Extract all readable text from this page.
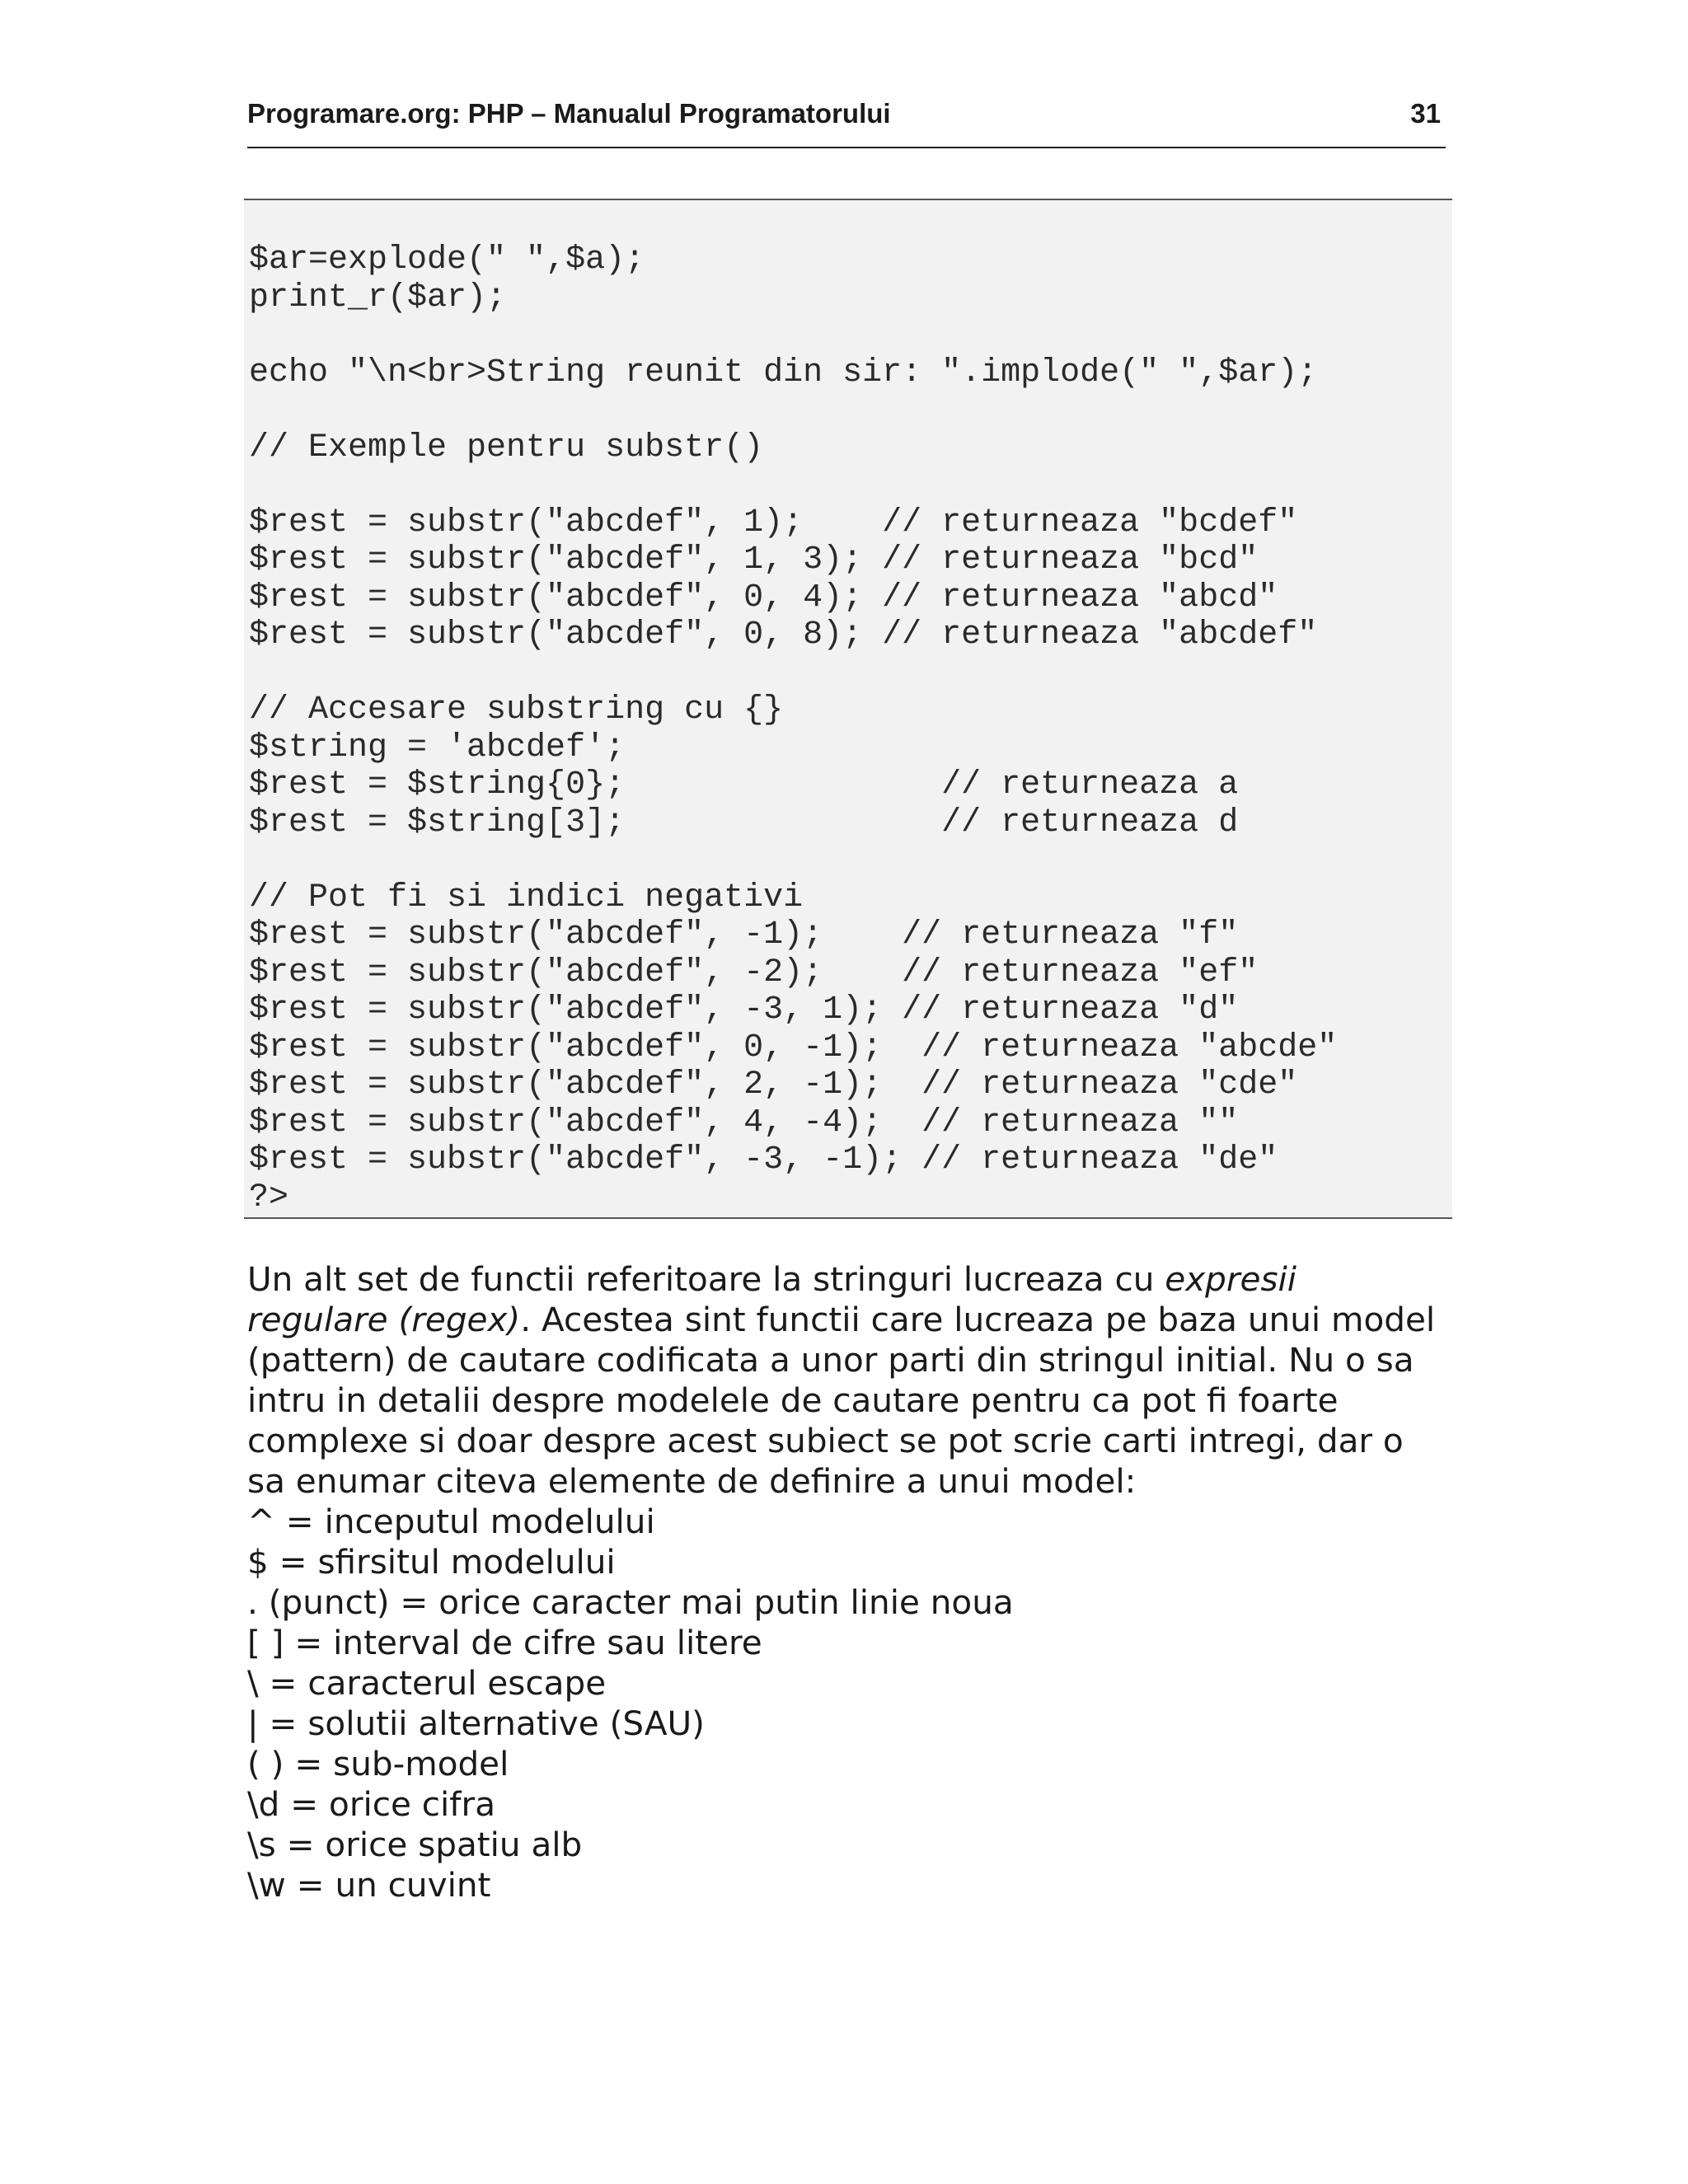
Programare.org: PHP – Manualul Programatorului	31
$ar=explode(" ",$a);
print_r($ar);
echo "\n<br>String reunit din sir: ".implode(" ",$ar);
// Exemple pentru substr()
$rest = substr("abcdef", 1);    // returneaza "bcdef"
$rest = substr("abcdef", 1, 3); // returneaza "bcd"
$rest = substr("abcdef", 0, 4); // returneaza "abcd"
$rest = substr("abcdef", 0, 8); // returneaza "abcdef"
// Accesare substring cu {}
$string = 'abcdef';
$rest = $string{0};                // returneaza a
$rest = $string[3];                // returneaza d
// Pot fi si indici negativi
$rest = substr("abcdef", -1);    // returneaza "f"
$rest = substr("abcdef", -2);    // returneaza "ef"
$rest = substr("abcdef", -3, 1); // returneaza "d"
$rest = substr("abcdef", 0, -1);  // returneaza "abcde"
$rest = substr("abcdef", 2, -1);  // returneaza "cde"
$rest = substr("abcdef", 4, -4);  // returneaza ""
$rest = substr("abcdef", -3, -1); // returneaza "de"
?>

Un alt set de functii referitoare la stringuri lucreaza cu expresii
regulare (regex). Acestea sint functii care lucreaza pe baza unui model
(pattern) de cautare codificata a unor parti din stringul initial. Nu o sa
intru in detalii despre modelele de cautare pentru ca pot fi foarte
complexe si doar despre acest subiect se pot scrie carti intregi, dar o
sa enumar citeva elemente de definire a unui model:

^ = inceputul modelului
$ = sfirsitul modelului
. (punct) = orice caracter mai putin linie noua
[ ] = interval de cifre sau litere
\ = caracterul escape
| = solutii alternative (SAU)
( ) = sub-model
\d = orice cifra
\s = orice spatiu alb
\w = un cuvint
